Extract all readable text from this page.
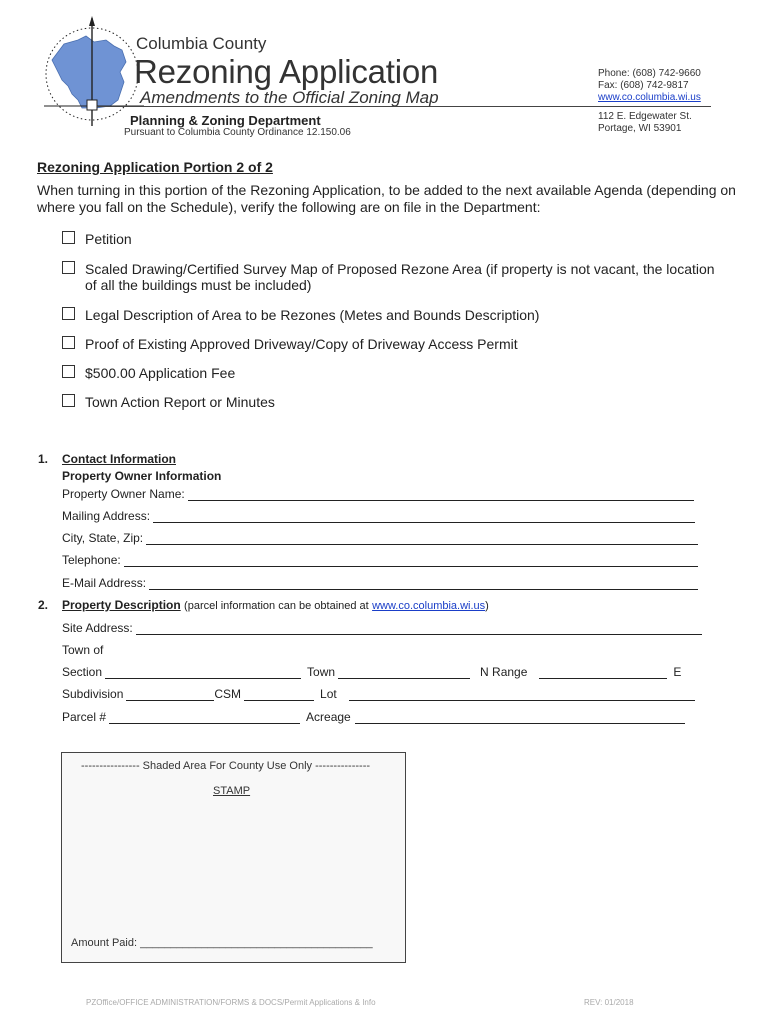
Columbia County
Rezoning Application
Amendments to the Official Zoning Map
Planning & Zoning Department
Pursuant to Columbia County Ordinance 12.150.06
Phone: (608) 742-9660
Fax: (608) 742-9817
www.co.columbia.wi.us
112 E. Edgewater St.
Portage, WI 53901
Rezoning Application Portion 2 of 2
When turning in this portion of the Rezoning Application, to be added to the next available Agenda (depending on where you fall on the Schedule), verify the following are on file in the Department:
Petition
Scaled Drawing/Certified Survey Map of Proposed Rezone Area (if property is not vacant, the location of all the buildings must be included)
Legal Description of Area to be Rezones (Metes and Bounds Description)
Proof of Existing Approved Driveway/Copy of Driveway Access Permit
$500.00 Application Fee
Town Action Report or Minutes
1. Contact Information
Property Owner Information
Property Owner Name:
Mailing Address:
City, State, Zip:
Telephone:
E-Mail Address:
2. Property Description (parcel information can be obtained at www.co.columbia.wi.us)
Site Address:
Town of
Section	Town	N Range	E
Subdivision	CSM	Lot
Parcel #	Acreage
---------------- Shaded Area For County Use Only ---------------
STAMP
Amount Paid: ______________________________________
PZOffice/OFFICE ADMINISTRATION/FORMS & DOCS/Permit Applications & Info	REV: 01/2018
